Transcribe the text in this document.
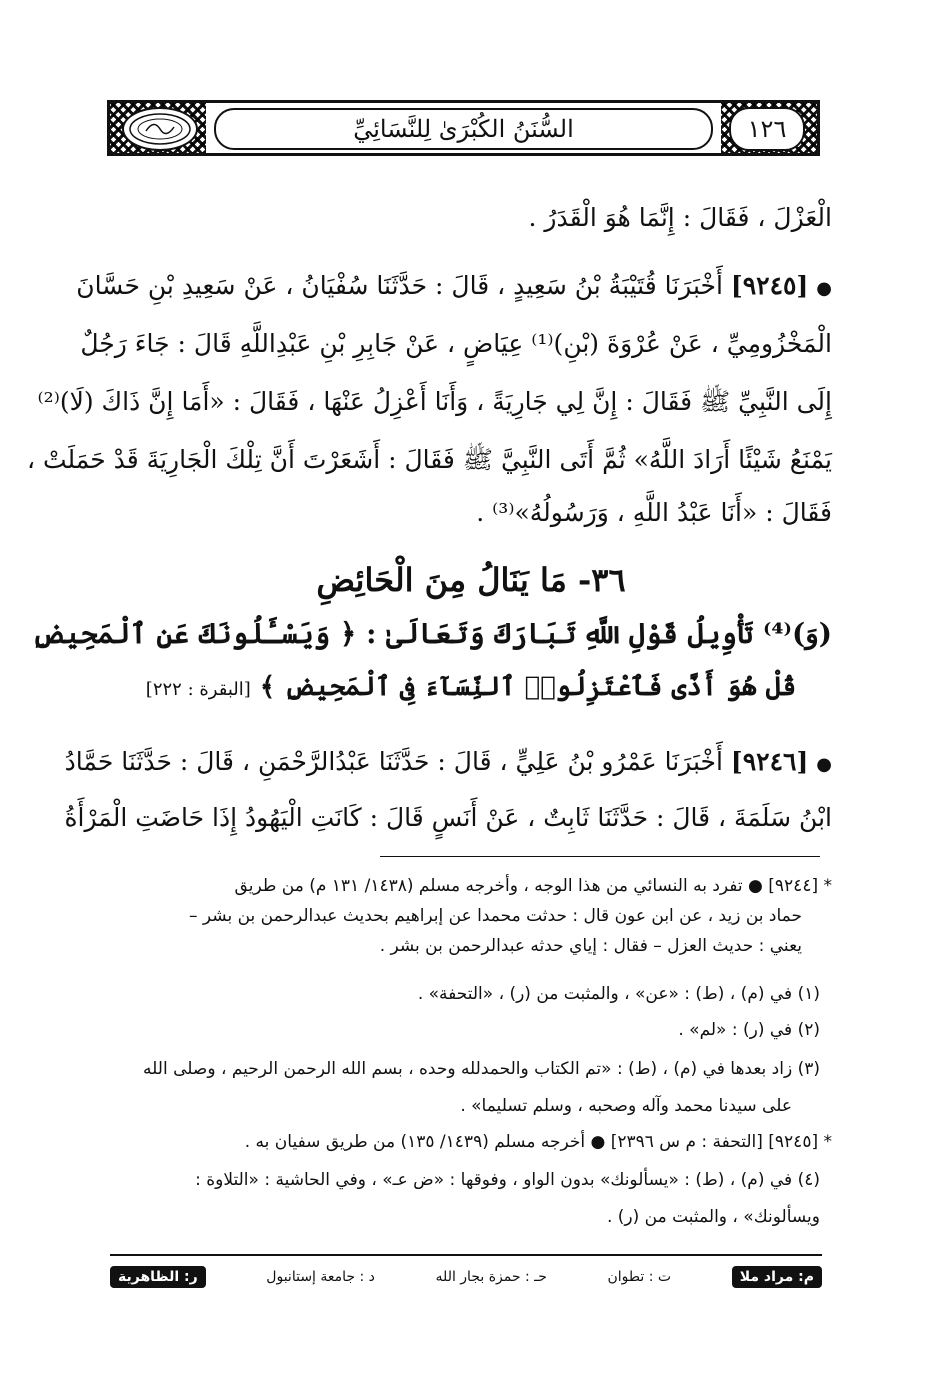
السُّنَنُ الكُبْرَىٰ لِلنَّسَائِيِّ	١٢٦
الْعَزْلَ ، فَقَالَ : إِنَّمَا هُوَ الْقَدَرُ .
●[٩٢٤٥] أَخْبَرَنَا قُتَيْبَةُ بْنُ سَعِيدٍ ، قَالَ : حَدَّثَنَا سُفْيَانُ ، عَنْ سَعِيدِ بْنِ حَسَّانَ
الْمَخْزُومِيِّ ، عَنْ عُرْوَةَ (بْنِ)⁽¹⁾ عِيَاضٍ ، عَنْ جَابِرِ بْنِ عَبْدِاللَّهِ قَالَ : جَاءَ رَجُلٌ
إِلَى النَّبِيِّ ﷺ فَقَالَ : إِنَّ لِي جَارِيَةً ، وَأَنَا أَعْزِلُ عَنْهَا ، فَقَالَ : «أَمَا إِنَّ ذَاكَ (لَا)⁽²⁾
يَمْنَعُ شَيْئًا أَرَادَ اللَّهُ» ثُمَّ أَتَى النَّبِيَّ ﷺ فَقَالَ : أَشَعَرْتَ أَنَّ تِلْكَ الْجَارِيَةَ قَدْ حَمَلَتْ ،
فَقَالَ : «أَنَا عَبْدُ اللَّهِ ، وَرَسُولُهُ»⁽³⁾ .
٣٦- مَا يَنَالُ مِنَ الْحَائِضِ
(وَ)⁽⁴⁾ تَأْوِيلُ قَوْلِ اللَّهِ تَبَارَكَ وَتَعَالَىٰ : ﴿ وَيَسْـَٔلُونَكَ عَنِ ٱلْمَحِيضِ
قُلْ هُوَ أَذًى فَٱعْتَزِلُوا۟ ٱلنِّسَآءَ فِى ٱلْمَحِيضِ ﴾ [البقرة : ٢٢٢]
●[٩٢٤٦] أَخْبَرَنَا عَمْرُو بْنُ عَلِيٍّ ، قَالَ : حَدَّثَنَا عَبْدُالرَّحْمَنِ ، قَالَ : حَدَّثَنَا حَمَّادُ
ابْنُ سَلَمَةَ ، قَالَ : حَدَّثَنَا ثَابِتٌ ، عَنْ أَنَسٍ قَالَ : كَانَتِ الْيَهُودُ إِذَا حَاضَتِ الْمَرْأَةُ
* [٩٢٤٤] ● تفرد به النسائي من هذا الوجه ، وأخرجه مسلم (١٤٣٨/ ١٣١ م) من طريق
حماد بن زيد ، عن ابن عون قال : حدثت محمدا عن إبراهيم بحديث عبدالرحمن بن بشر –
يعني : حديث العزل – فقال : إياي حدثه عبدالرحمن بن بشر .
(١) في (م) ، (ط) : «عن» ، والمثبت من (ر) ، «التحفة» .
(٢) في (ر) : «لم» .
(٣) زاد بعدها في (م) ، (ط) : «تم الكتاب والحمدلله وحده ، بسم الله الرحمن الرحيم ، وصلى الله
على سيدنا محمد وآله وصحبه ، وسلم تسليما» .
* [٩٢٤٥] [التحفة : م س ٢٣٩٦] ● أخرجه مسلم (١٤٣٩/ ١٣٥) من طريق سفيان به .
(٤) في (م) ، (ط) : «يسألونك» بدون الواو ، وفوقها : «ض عـ» ، وفي الحاشية : «التلاوة :
ويسألونك» ، والمثبت من (ر) .
م: مراد ملا
ت : تطوان
حـ : حمزة بجار الله
د : جامعة إستانبول
ر: الظاهرية
